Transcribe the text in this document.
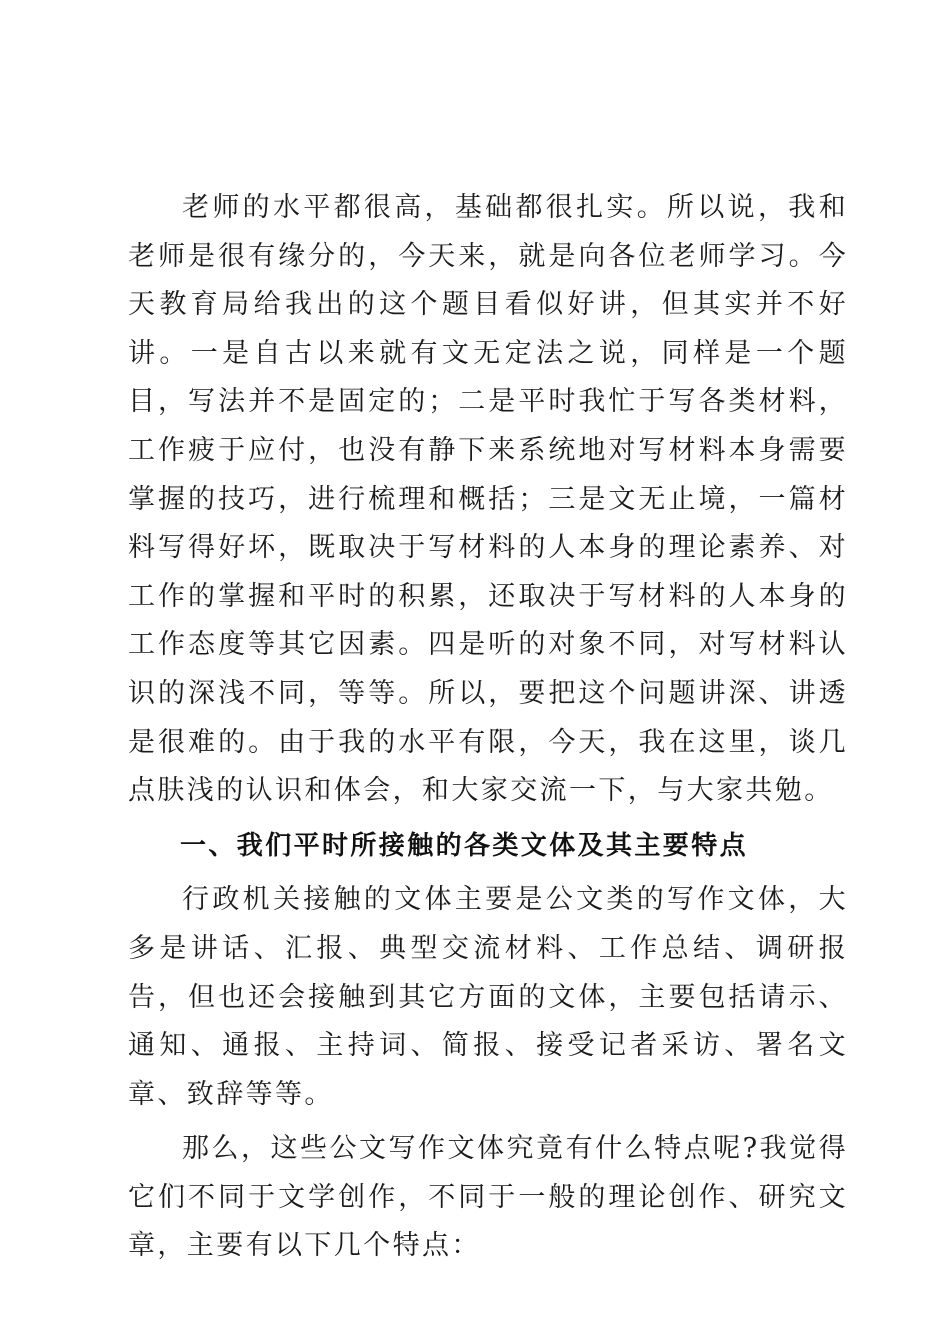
老师的水平都很高，基础都很扎实。所以说，我和老师是很有缘分的，今天来，就是向各位老师学习。今天教育局给我出的这个题目看似好讲，但其实并不好讲。一是自古以来就有文无定法之说，同样是一个题目，写法并不是固定的；二是平时我忙于写各类材料，工作疲于应付，也没有静下来系统地对写材料本身需要掌握的技巧，进行梳理和概括；三是文无止境，一篇材料写得好坏，既取决于写材料的人本身的理论素养、对工作的掌握和平时的积累，还取决于写材料的人本身的工作态度等其它因素。四是听的对象不同，对写材料认识的深浅不同，等等。所以，要把这个问题讲深、讲透是很难的。由于我的水平有限，今天，我在这里，谈几点肤浅的认识和体会，和大家交流一下，与大家共勉。

一、我们平时所接触的各类文体及其主要特点

行政机关接触的文体主要是公文类的写作文体，大多是讲话、汇报、典型交流材料、工作总结、调研报告，但也还会接触到其它方面的文体，主要包括请示、通知、通报、主持词、简报、接受记者采访、署名文章、致辞等等。

那么，这些公文写作文体究竟有什么特点呢?我觉得它们不同于文学创作，不同于一般的理论创作、研究文章，主要有以下几个特点：
